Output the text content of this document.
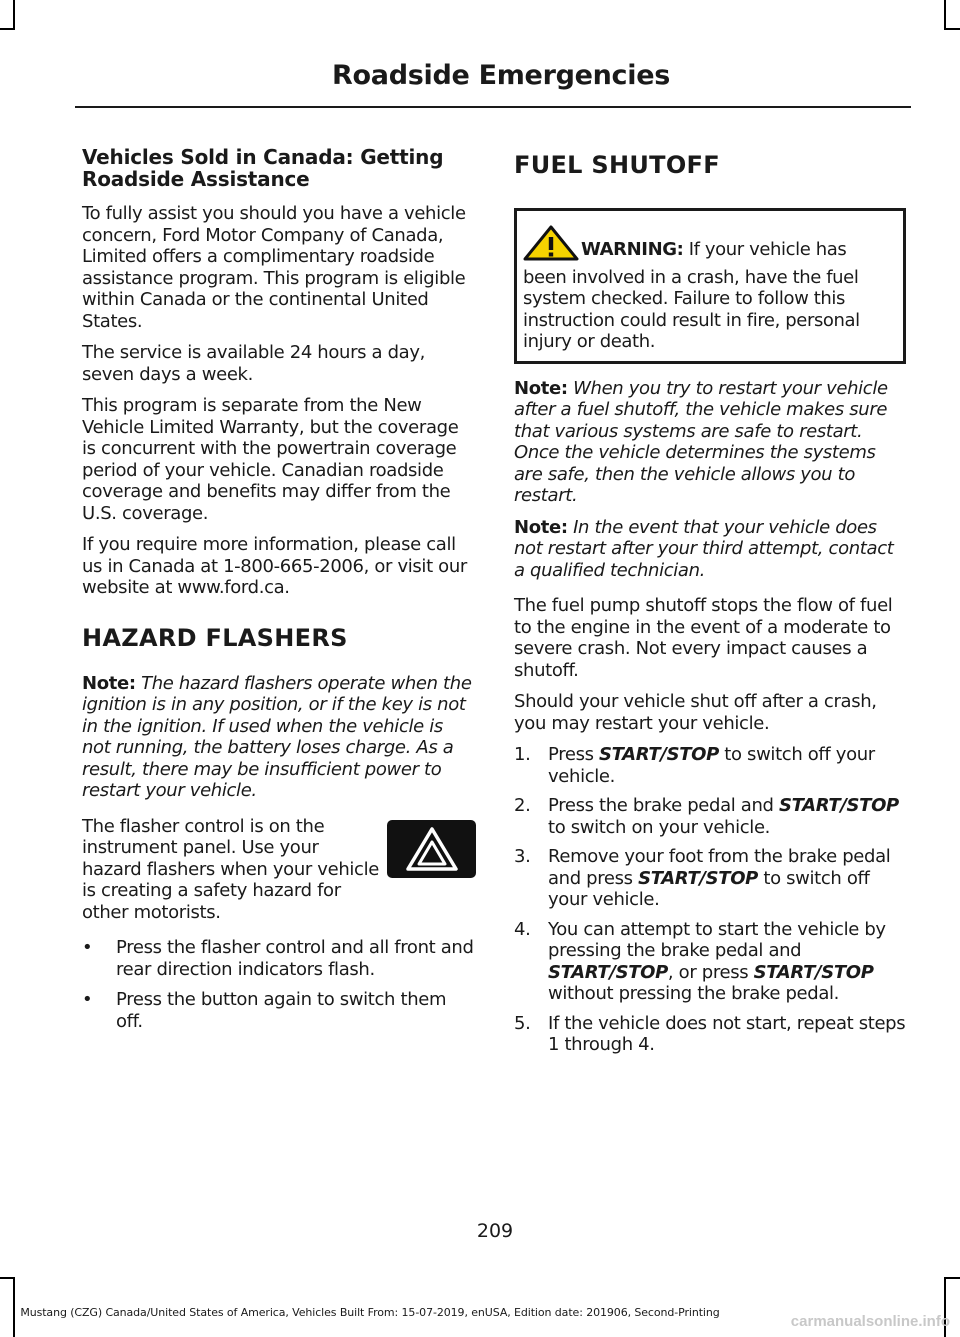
Roadside Emergencies
Vehicles Sold in Canada: Getting Roadside Assistance

To fully assist you should you have a vehicle concern, Ford Motor Company of Canada, Limited offers a complimentary roadside assistance program. This program is eligible within Canada or the continental United States.

The service is available 24 hours a day, seven days a week.

This program is separate from the New Vehicle Limited Warranty, but the coverage is concurrent with the powertrain coverage period of your vehicle. Canadian roadside coverage and benefits may differ from the U.S. coverage.

If you require more information, please call us in Canada at 1-800-665-2006, or visit our website at www.ford.ca.

HAZARD FLASHERS

Note: The hazard flashers operate when the ignition is in any position, or if the key is not in the ignition. If used when the vehicle is not running, the battery loses charge. As a result, there may be insufficient power to restart your vehicle.

The flasher control is on the instrument panel. Use your hazard flashers when your vehicle is creating a safety hazard for other motorists.

• Press the flasher control and all front and rear direction indicators flash.
• Press the button again to switch them off.
FUEL SHUTOFF
WARNING: If your vehicle has been involved in a crash, have the fuel system checked. Failure to follow this instruction could result in fire, personal injury or death.

Note: When you try to restart your vehicle after a fuel shutoff, the vehicle makes sure that various systems are safe to restart. Once the vehicle determines the systems are safe, then the vehicle allows you to restart.

Note: In the event that your vehicle does not restart after your third attempt, contact a qualified technician.

The fuel pump shutoff stops the flow of fuel to the engine in the event of a moderate to severe crash. Not every impact causes a shutoff.

Should your vehicle shut off after a crash, you may restart your vehicle.

1. Press START/STOP to switch off your vehicle.
2. Press the brake pedal and START/STOP to switch on your vehicle.
3. Remove your foot from the brake pedal and press START/STOP to switch off your vehicle.
4. You can attempt to start the vehicle by pressing the brake pedal and START/STOP, or press START/STOP without pressing the brake pedal.
5. If the vehicle does not start, repeat steps 1 through 4.
209
Mustang (CZG) Canada/United States of America, Vehicles Built From: 15-07-2019, enUSA, Edition date: 201906, Second-Printing
carmanualsonline.info
